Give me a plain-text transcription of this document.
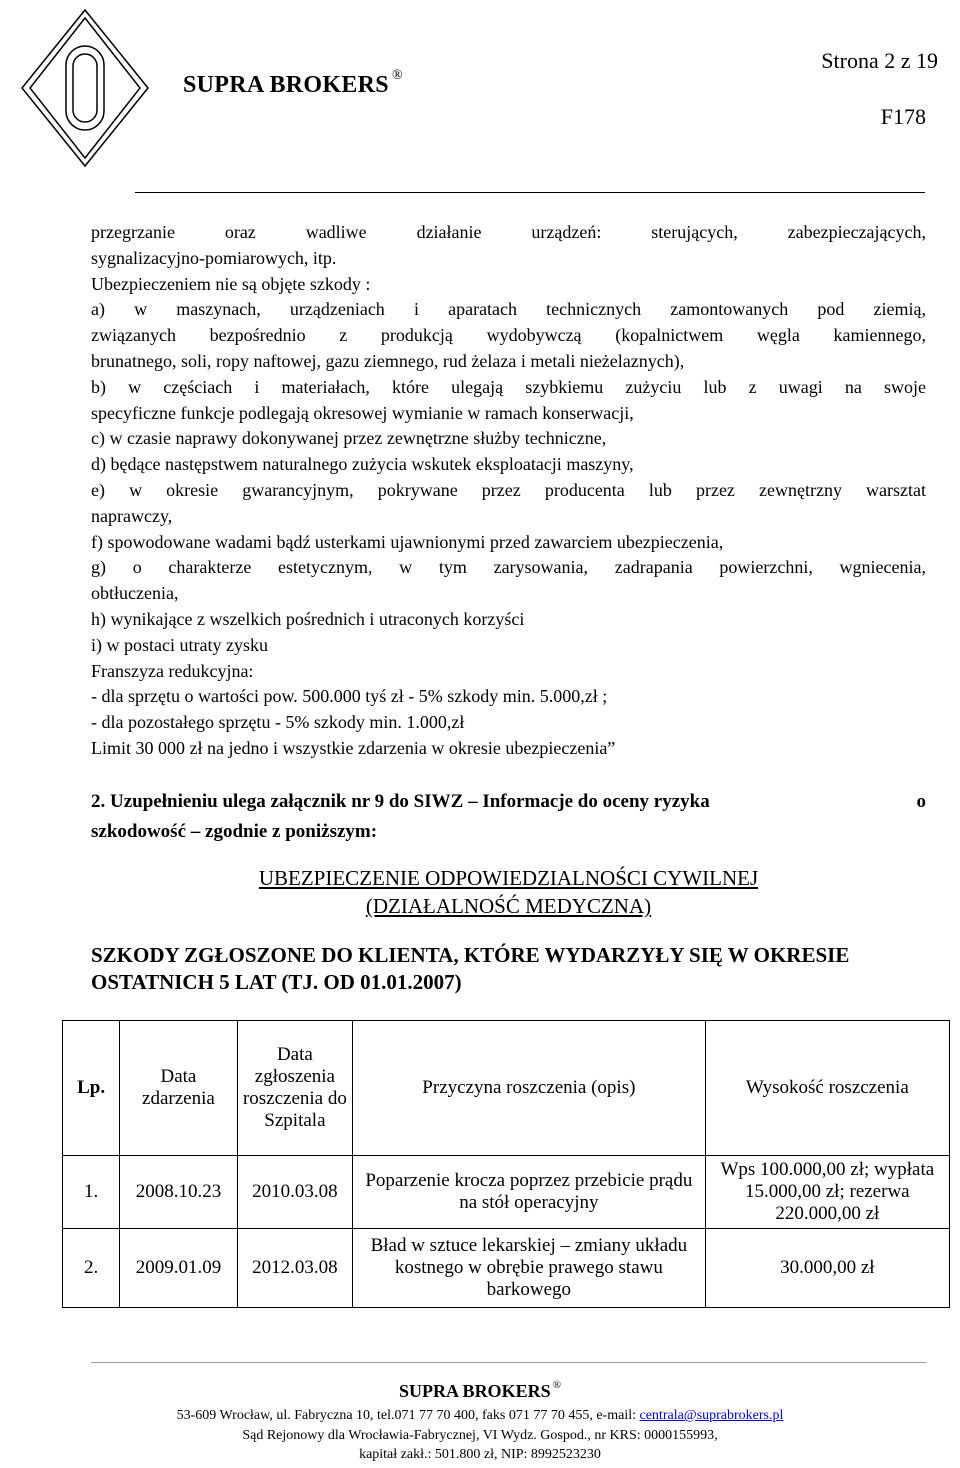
SUPRA BROKERS ®
Strona 2 z 19
F178

przegrzanie oraz wadliwe działanie urządzeń: sterujących, zabezpieczających,

sygnalizacyjno-pomiarowych, itp.

Ubezpieczeniem nie są objęte szkody :

a) w maszynach, urządzeniach i aparatach technicznych zamontowanych pod ziemią,

związanych bezpośrednio z produkcją wydobywczą (kopalnictwem węgla kamiennego,

brunatnego, soli, ropy naftowej, gazu ziemnego, rud żelaza i metali nieżelaznych),

b) w częściach i materiałach, które ulegają szybkiemu zużyciu lub z uwagi na swoje

specyficzne funkcje podlegają okresowej wymianie w ramach konserwacji,

c) w czasie naprawy dokonywanej przez zewnętrzne służby techniczne,

d) będące następstwem naturalnego zużycia wskutek eksploatacji maszyny,

e) w okresie gwarancyjnym, pokrywane przez producenta lub przez zewnętrzny warsztat

naprawczy,

f) spowodowane wadami bądź usterkami ujawnionymi przed zawarciem ubezpieczenia,

g) o charakterze estetycznym, w tym zarysowania, zadrapania powierzchni, wgniecenia,

obtłuczenia,

h) wynikające z wszelkich pośrednich i utraconych korzyści

i) w postaci utraty zysku

Franszyza redukcyjna:

- dla sprzętu o wartości pow. 500.000 tyś zł - 5% szkody min. 5.000,zł ;

- dla pozostałego sprzętu - 5% szkody min. 1.000,zł

Limit 30 000 zł na jedno i wszystkie zdarzenia w okresie ubezpieczenia”

2. Uzupełnieniu ulega załącznik nr 9 do SIWZ – Informacje do oceny ryzyka	o
szkodowość – zgodnie z poniższym:
UBEZPIECZENIE ODPOWIEDZIALNOŚCI CYWILNEJ
(DZIAŁALNOŚĆ MEDYCZNA)
SZKODY ZGŁOSZONE DO KLIENTA, KTÓRE WYDARZYŁY SIĘ W OKRESIE
OSTATNICH 5 LAT (TJ. OD 01.01.2007)
Lp.	Data zdarzenia	Data zgłoszenia roszczenia do Szpitala	Przyczyna roszczenia (opis)	Wysokość roszczenia
1.	2008.10.23	2010.03.08	Poparzenie krocza poprzez przebicie prądu na stół operacyjny	Wps 100.000,00 zł; wypłata 15.000,00 zł; rezerwa 220.000,00 zł
2.	2009.01.09	2012.03.08	Bład w sztuce lekarskiej – zmiany układu kostnego w obrębie prawego stawu barkowego	30.000,00 zł
SUPRA BROKERS ®
53-609 Wrocław, ul. Fabryczna 10, tel.071 77 70 400, faks 071 77 70 455, e-mail: centrala@suprabrokers.pl
Sąd Rejonowy dla Wrocławia-Fabrycznej, VI Wydz. Gospod., nr KRS: 0000155993,
kapitał zakł.: 501.800 zł, NIP: 8992523230
